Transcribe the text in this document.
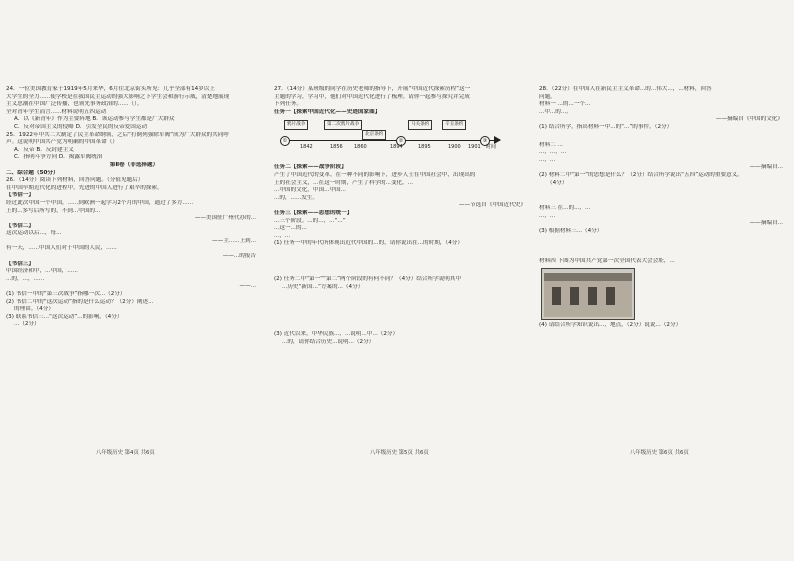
24．一位美国教育家于1919年5月来华，6月往北京街头所见：几乎全部有14岁以上
大学生的全力......使学校是在我国民主运动的强大影响之下学生会和游行示威，清楚地展现
主义思潮在中国广泛传播，也领先事务政治的......（）。
全对青年学生而言......材料说明五四运动
A．以《新青年》作为主要阵地 B．该运动参与学生都是广大群众
C．反对帝国主义的侵略 D．引发全民的反帝爱国运动
25．1922年中共二大制定了民主革命纲领，之后“打倒列强除军阀”成为广大群众的共同呼
声。这说明中国共产党为明确的中国革命（）
A．反帝 B．反封建主义
C．指明斗争方向 D．揭露军阀统治
第Ⅱ卷（非选择题）
二、综合题（50分）
26．（14分）阅读下列材料，回答问题。（分值见题后）
在中国早期近代化的进程中，先进的中国人进行了艰辛的探索。
【书信一】
经过此次中国一个中国，......到欧洲一起学习2个月的中国，通过了多方......
上的...多写后所写的，不到...中国的...
——美国驻广州代办的...
【书信二】
这次运动以后...，每...
——主......上到...
有一天，......中国人们对于中国的人民，......
——...的报告
【书信三】
中国经济和中，...中国，......
...的，...，......
——...
(1) 书信一中的“第三次战争”指哪一次...（2分）
(2) 书信二中的“这次运动”指的是什么运动？（2分）阐述...
的理由。（4分）
(3) 联系书信三...“这次运动”...的影响。（4分）
...（2分）
八年级历史 第4页 共6页
27．（14分）某班级的同学在历史老师的指导下，开展“中国近代探索历程”这一
主题的学习，学习中，他们对中国近代化进行了梳理。请你一起参与探究并完成
下列任务。
任务一【探索中国近代化——史迹国家图】
①	②	③
鸦片战争	第二次鸦片战争
北京条约
马关条约	辛丑条约
1842	1856 1860	1894	1895	1900 1901 时间
任务二【探索——战争阶段】
产生了中国近代的变革。在一种不同的影响下，进步人士在中国社会中，出现出的
上的社会主义，...在这一时期，产生了科学的...变化。...
...中国的文化，中国...中国...
...的，......发生。
——节选自《中国近代史》
任务三【探索——思想的统一】
...三个阶段。...的...，...“...”
...这一...的...
...，...
(1) 任务一中的年代所体现出近代中国的...的，请你说出在...的时期，（4分）
(2) 任务二中“第一”“第二”两个阶段的有何不同？（4分）结合所学说明其中
...历史“新国...”方案的...（4分）
(3) 近代以来，中华民族...，...说明...中...（2分）
...的，请你结合历史...说明...（2分）
八年级历史 第5页 共6页
28．（22分）在中国人在新民主主义革命...的...伟大...，...材料，回答
问题。
材料一 ...的...一个...
...中...的...。
——摘编自《中国的文化》
(1) 结合所学，指出材料一中...的“...”的事件。（2分）
材料二 ...
...，...，...
...，...
——摘编自...
(2) 材料二中“第一”的思想是什么？（2分）结合所学说出“五四”运动的重要意义。
（4分）
材料三 在...的...，...
...，...
——摘编自...
(3) 根据材料三...（4分）
材料四 下图为中国共产党第一次全国代表大会会址，...
(4) 请结合所学知识说出...，地点，（2分）说说...（2分）
八年级历史 第6页 共6页
